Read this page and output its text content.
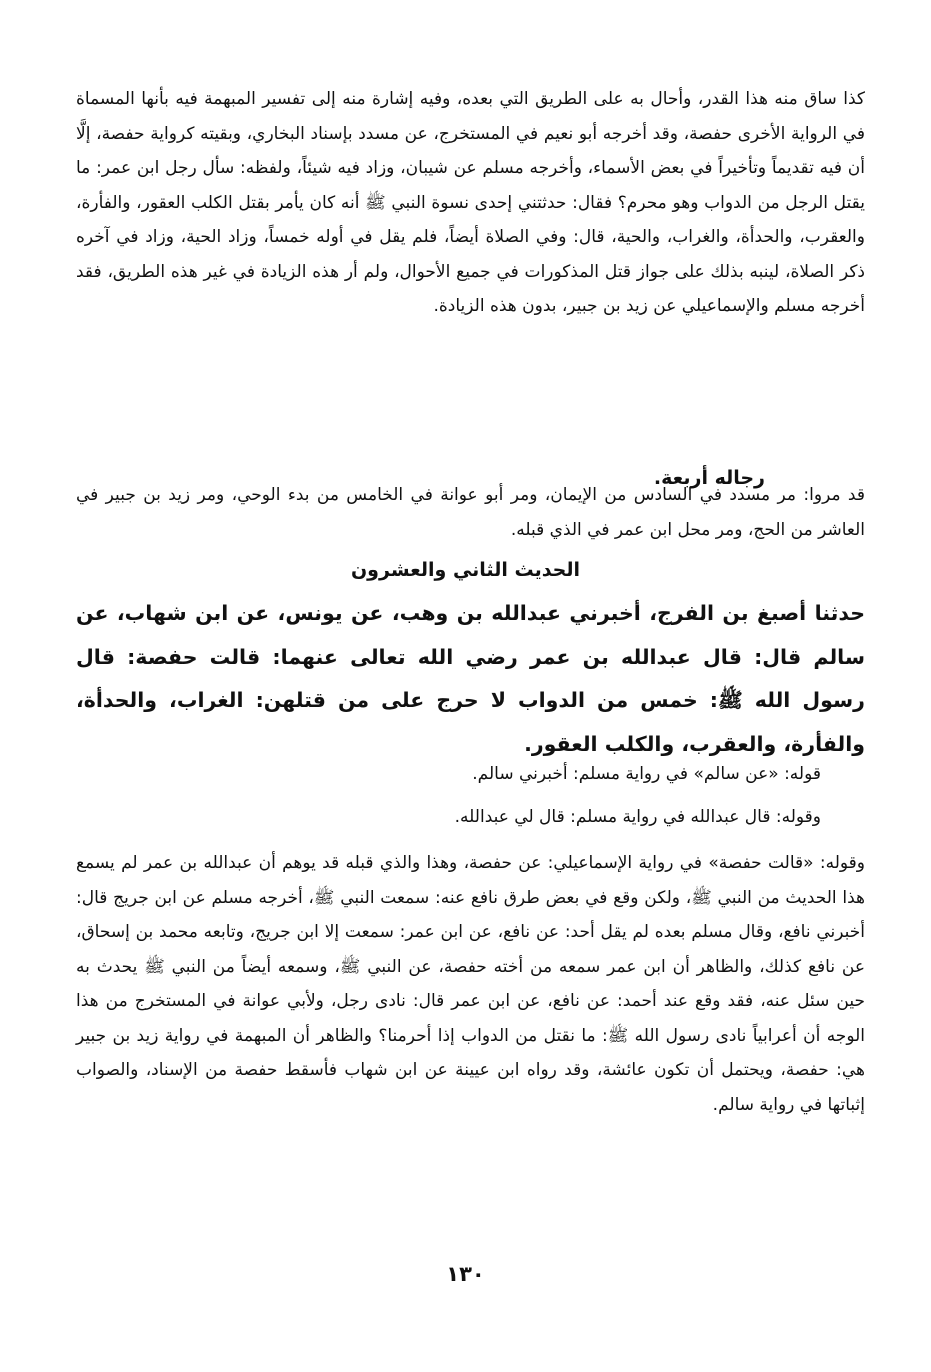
كذا ساق منه هذا القدر، وأحال به على الطريق التي بعده، وفيه إشارة منه إلى تفسير المبهمة فيه بأنها المسماة في الرواية الأخرى حفصة، وقد أخرجه أبو نعيم في المستخرج، عن مسدد بإسناد البخاري، وبقيته كرواية حفصة، إلَّا أن فيه تقديماً وتأخيراً في بعض الأسماء، وأخرجه مسلم عن شيبان، وزاد فيه شيئاً، ولفظه: سأل رجل ابن عمر: ما يقتل الرجل من الدواب وهو محرم؟ فقال: حدثتني إحدى نسوة النبي ﷺ أنه كان يأمر بقتل الكلب العقور، والفأرة، والعقرب، والحدأة، والغراب، والحية، قال: وفي الصلاة أيضاً، فلم يقل في أوله خمساً، وزاد الحية، وزاد في آخره ذكر الصلاة، لينبه بذلك على جواز قتل المذكورات في جميع الأحوال، ولم أر هذه الزيادة في غير هذه الطريق، فقد أخرجه مسلم والإسماعيلي عن زيد بن جبير، بدون هذه الزيادة.

رجاله أربعة.

قد مروا: مر مسدد في السادس من الإيمان، ومر أبو عوانة في الخامس من بدء الوحي، ومر زيد بن جبير في العاشر من الحج، ومر محل ابن عمر في الذي قبله.

الحديث الثاني والعشرون

حدثنا أصبغ بن الفرج، أخبرني عبدالله بن وهب، عن يونس، عن ابن شهاب، عن سالم قال: قال عبدالله بن عمر رضي الله تعالى عنهما: قالت حفصة: قال رسول الله ﷺ: خمس من الدواب لا حرج على من قتلهن: الغراب، والحدأة، والفأرة، والعقرب، والكلب العقور.

قوله: «عن سالم» في رواية مسلم: أخبرني سالم.

وقوله: قال عبدالله في رواية مسلم: قال لي عبدالله.

وقوله: «قالت حفصة» في رواية الإسماعيلي: عن حفصة، وهذا والذي قبله قد يوهم أن عبدالله بن عمر لم يسمع هذا الحديث من النبي ﷺ، ولكن وقع في بعض طرق نافع عنه: سمعت النبي ﷺ، أخرجه مسلم عن ابن جريج قال: أخبرني نافع، وقال مسلم بعده لم يقل أحد: عن نافع، عن ابن عمر: سمعت إلا ابن جريج، وتابعه محمد بن إسحاق، عن نافع كذلك، والظاهر أن ابن عمر سمعه من أخته حفصة، عن النبي ﷺ، وسمعه أيضاً من النبي ﷺ يحدث به حين سئل عنه، فقد وقع عند أحمد: عن نافع، عن ابن عمر قال: نادى رجل، ولأبي عوانة في المستخرج من هذا الوجه أن أعرابياً نادى رسول الله ﷺ: ما نقتل من الدواب إذا أحرمنا؟ والظاهر أن المبهمة في رواية زيد بن جبير هي: حفصة، ويحتمل أن تكون عائشة، وقد رواه ابن عيينة عن ابن شهاب فأسقط حفصة من الإسناد، والصواب إثباتها في رواية سالم.

١٣٠
